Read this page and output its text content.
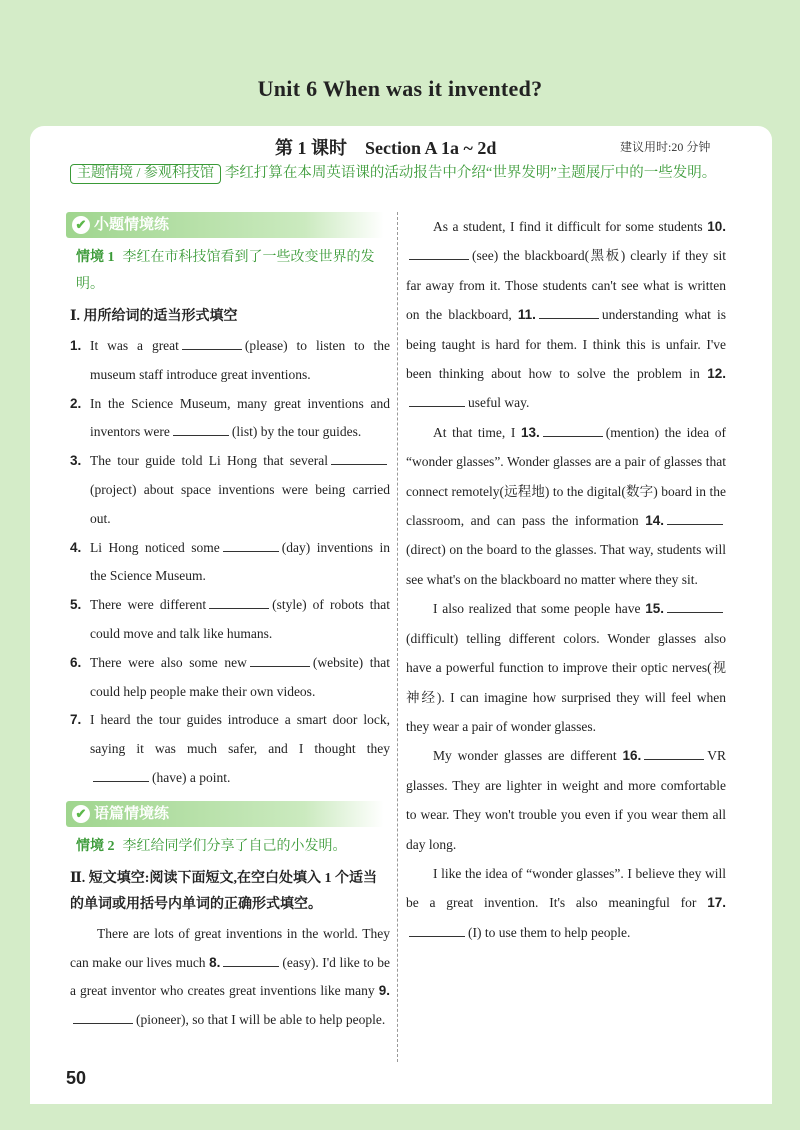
Unit 6 When was it invented?
第 1 课时 Section A 1a ~ 2d	建议用时:20 分钟
主题情境 / 参观科技馆 李红打算在本周英语课的活动报告中介绍“世界发明”主题展厅中的一些发明。
✔ 小题情境练
情境 1 李红在市科技馆看到了一些改变世界的发明。
Ⅰ. 用所给词的适当形式填空
1. It was a great	(please) to listen to the museum staff introduce great inventions.
2. In the Science Museum, many great inventions and inventors were	(list) by the tour guides.
3. The tour guide told Li Hong that several(project) about space inventions were being carried out.
4. Li Hong noticed some	(day) inventions in the Science Museum.
5. There were different	(style) of robots that could move and talk like humans.
6. There were also some new	(website) that could help people make their own videos.
7. I heard the tour guides introduce a smart door lock, saying it was much safer, and I thought they(have) a point.
✔ 语篇情境练
情境 2 李红给同学们分享了自己的小发明。
Ⅱ. 短文填空:阅读下面短文,在空白处填入 1 个适当的单词或用括号内单词的正确形式填空。
There are lots of great inventions in the world. They can make our lives much 8.	(easy). I'd like to be a great inventor who creates great inventions like many 9.(pioneer), so that I will be able to help people.
As a student, I find it difficult for some students 10.(see) the blackboard(黑板) clearly if they sit far away from it. Those students can't see what is written on the blackboard, 11.	understanding what is being taught is hard for them. I think this is unfair. I've been thinking about how to solve the problem in 12.useful way.
At that time, I 13.	(mention) the idea of “wonder glasses”. Wonder glasses are a pair of glasses that connect remotely(远程地) to the digital(数字) board in the classroom, and can pass the information 14.(direct) on the board to the glasses. That way, students will see what's on the blackboard no matter where they sit.
I also realized that some people have 15.(difficult) telling different colors. Wonder glasses also have a powerful function to improve their optic nerves(视神经). I can imagine how surprised they will feel when they wear a pair of wonder glasses.
My wonder glasses are different 16.	VR glasses. They are lighter in weight and more comfortable to wear. They won't trouble you even if you wear them all day long.
I like the idea of “wonder glasses”. I believe they will be a great invention. It's also meaningful for 17.(I) to use them to help people.
50
